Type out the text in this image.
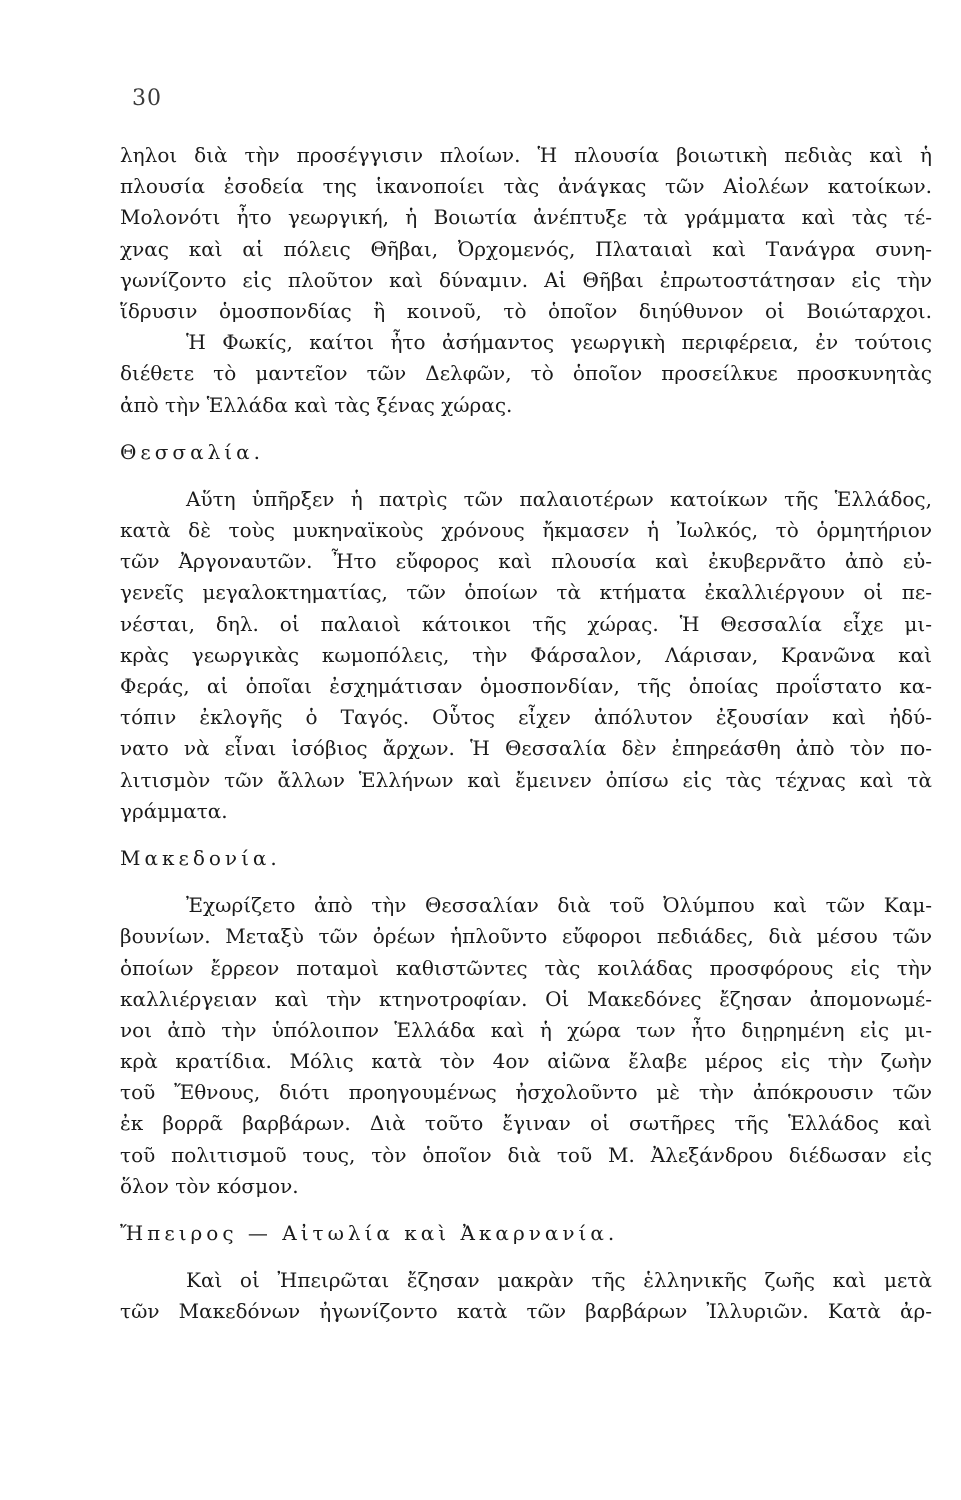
30
ληλοι διὰ τὴν προσέγγισιν πλοίων. Ἡ πλουσία βοιωτικὴ πεδιὰς καὶ ἡ
πλουσία ἐσοδεία της ἱκανοποίει τὰς ἀνάγκας τῶν Αἰολέων κατοίκων.
Μολονότι ἦτο γεωργική, ἡ Βοιωτία ἀνέπτυξε τὰ γράμματα καὶ τὰς τέ-
χνας καὶ αἱ πόλεις Θῆβαι, Ὀρχομενός, Πλαταιαὶ καὶ Τανάγρα συνη-
γωνίζοντο εἰς πλοῦτον καὶ δύναμιν. Αἱ Θῆβαι ἐπρωτοστάτησαν εἰς τὴν
ἵδρυσιν ὁμοσπονδίας ἢ κοινοῦ, τὸ ὁποῖον διηύθυνον οἱ Βοιώταρχοι.
Ἡ Φωκίς, καίτοι ἦτο ἀσήμαντος γεωργικὴ περιφέρεια, ἐν τούτοις
διέθετε τὸ μαντεῖον τῶν Δελφῶν, τὸ ὁποῖον προσείλκυε προσκυνητὰς
ἀπὸ τὴν Ἑλλάδα καὶ τὰς ξένας χώρας.
Θεσσαλία.
Αὕτη ὑπῆρξεν ἡ πατρὶς τῶν παλαιοτέρων κατοίκων τῆς Ἑλλάδος,
κατὰ δὲ τοὺς μυκηναϊκοὺς χρόνους ἤκμασεν ἡ Ἰωλκός, τὸ ὁρμητήριον
τῶν Ἀργοναυτῶν. Ἦτο εὔφορος καὶ πλουσία καὶ ἐκυβερνᾶτο ἀπὸ εὐ-
γενεῖς μεγαλοκτηματίας, τῶν ὁποίων τὰ κτήματα ἐκαλλιέργουν οἱ πε-
νέσται, δηλ. οἱ παλαιοὶ κάτοικοι τῆς χώρας. Ἡ Θεσσαλία εἶχε μι-
κρὰς γεωργικὰς κωμοπόλεις, τὴν Φάρσαλον, Λάρισαν, Κρανῶνα καὶ
Φεράς, αἱ ὁποῖαι ἐσχημάτισαν ὁμοσπονδίαν, τῆς ὁποίας προΐστατο κα-
τόπιν ἐκλογῆς ὁ Ταγός. Οὗτος εἶχεν ἀπόλυτον ἐξουσίαν καὶ ἠδύ-
νατο νὰ εἶναι ἰσόβιος ἄρχων. Ἡ Θεσσαλία δὲν ἐπηρεάσθη ἀπὸ τὸν πο-
λιτισμὸν τῶν ἄλλων Ἑλλήνων καὶ ἔμεινεν ὀπίσω εἰς τὰς τέχνας καὶ τὰ
γράμματα.
Μακεδονία.
Ἐχωρίζετο ἀπὸ τὴν Θεσσαλίαν διὰ τοῦ Ὀλύμπου καὶ τῶν Καμ-
βουνίων. Μεταξὺ τῶν ὀρέων ἡπλοῦντο εὔφοροι πεδιάδες, διὰ μέσου τῶν
ὁποίων ἔρρεον ποταμοὶ καθιστῶντες τὰς κοιλάδας προσφόρους εἰς τὴν
καλλιέργειαν καὶ τὴν κτηνοτροφίαν. Οἱ Μακεδόνες ἔζησαν ἀπομονωμέ-
νοι ἀπὸ τὴν ὑπόλοιπον Ἑλλάδα καὶ ἡ χώρα των ἦτο διῃρημένη εἰς μι-
κρὰ κρατίδια. Μόλις κατὰ τὸν 4ον αἰῶνα ἔλαβε μέρος εἰς τὴν ζωὴν
τοῦ Ἔθνους, διότι προηγουμένως ἠσχολοῦντο μὲ τὴν ἀπόκρουσιν τῶν
ἐκ βορρᾶ βαρβάρων. Διὰ τοῦτο ἔγιναν οἱ σωτῆρες τῆς Ἑλλάδος καὶ
τοῦ πολιτισμοῦ τους, τὸν ὁποῖον διὰ τοῦ Μ. Ἀλεξάνδρου διέδωσαν εἰς
ὅλον τὸν κόσμον.
Ἤπειρος — Αἰτωλία καὶ Ἀκαρνανία.
Καὶ οἱ Ἠπειρῶται ἔζησαν μακρὰν τῆς ἑλληνικῆς ζωῆς καὶ μετὰ
τῶν Μακεδόνων ἠγωνίζοντο κατὰ τῶν βαρβάρων Ἰλλυριῶν. Κατὰ ἀρ-
